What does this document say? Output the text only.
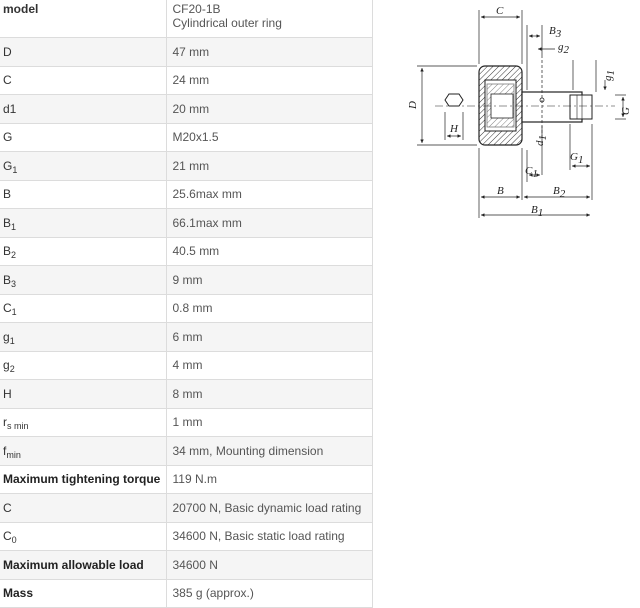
model	CF20-1B
Cylindrical outer ring

D	47 mm
C	24 mm
d1	20 mm
G	M20x1.5
$G_1$	21 mm
B	25.6max mm
$B_1$	66.1max mm
$B_2$	40.5 mm
$B_3$	9 mm
$C_1$	0.8 mm
$g_1$	6 mm
$g_2$	4 mm
H	8 mm
$r_{s min}$	1 mm
$f_{min}$	34 mm, Mounting dimension
Maximum tightening torque	119 N.m
C	20700 N, Basic dynamic load rating
$C_0$	34600 N, Basic static load rating
Maximum allowable load	34600 N
Mass	385 g (approx.)
C
B3
g2
g1
G
D
H
d1
C1
G1
B	B2
B1
